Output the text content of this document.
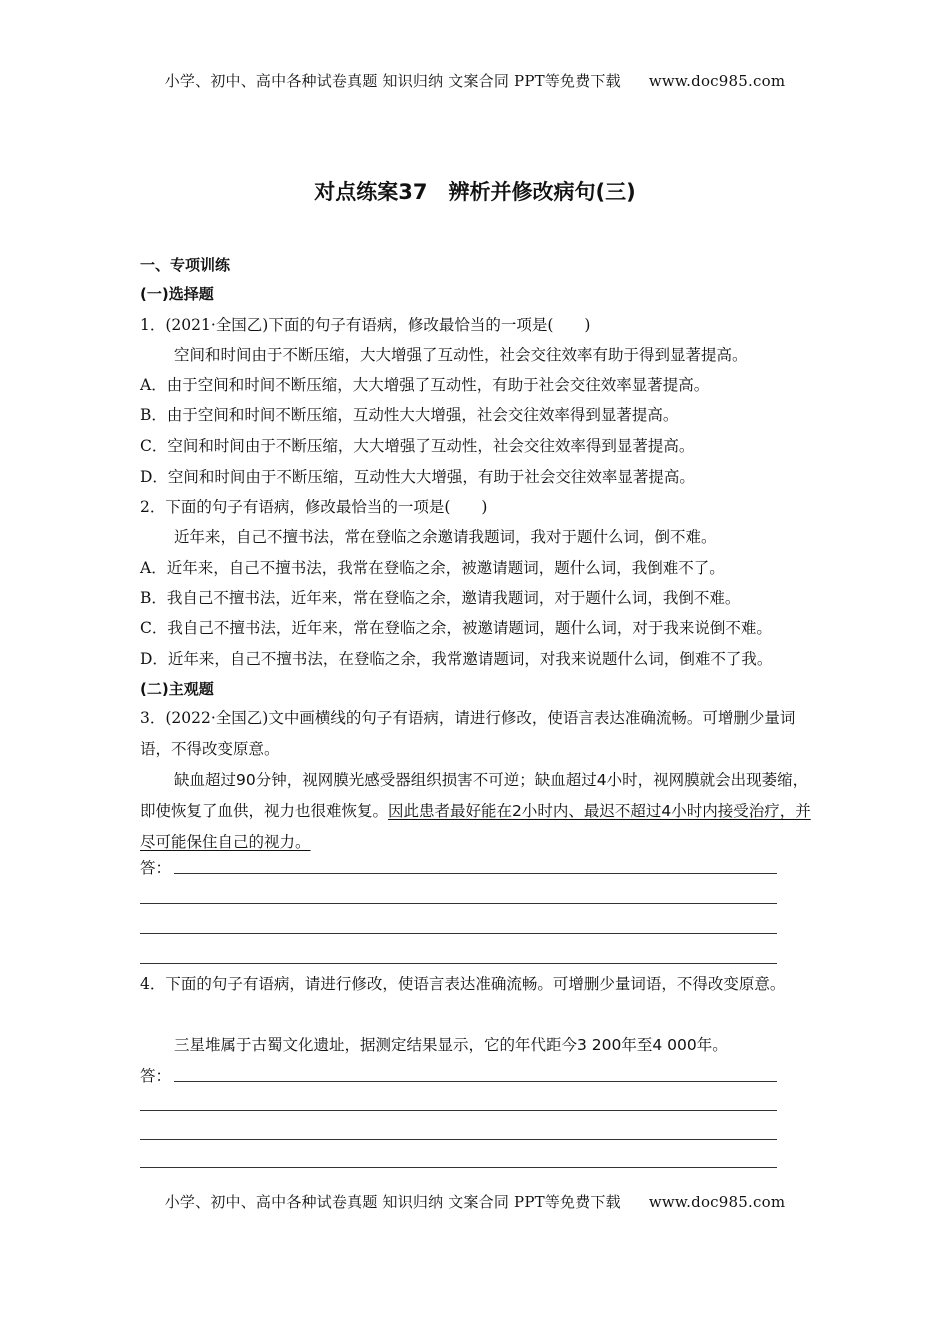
小学、初中、高中各种试卷真题 知识归纳 文案合同 PPT等免费下载 www.doc985.com
对点练案37　辨析并修改病句(三)
一、专项训练
(一)选择题
1．(2021·全国乙)下面的句子有语病，修改最恰当的一项是(　　)
空间和时间由于不断压缩，大大增强了互动性，社会交往效率有助于得到显著提高。
A．由于空间和时间不断压缩，大大增强了互动性，有助于社会交往效率显著提高。
B．由于空间和时间不断压缩，互动性大大增强，社会交往效率得到显著提高。
C．空间和时间由于不断压缩，大大增强了互动性，社会交往效率得到显著提高。
D．空间和时间由于不断压缩，互动性大大增强，有助于社会交往效率显著提高。
2．下面的句子有语病，修改最恰当的一项是(　　)
近年来，自己不擅书法，常在登临之余邀请我题词，我对于题什么词，倒不难。
A．近年来，自己不擅书法，我常在登临之余，被邀请题词，题什么词，我倒难不了。
B．我自己不擅书法，近年来，常在登临之余，邀请我题词，对于题什么词，我倒不难。
C．我自己不擅书法，近年来，常在登临之余，被邀请题词，题什么词，对于我来说倒不难。
D．近年来，自己不擅书法，在登临之余，我常邀请题词，对我来说题什么词，倒难不了我。
(二)主观题
3．(2022·全国乙)文中画横线的句子有语病，请进行修改，使语言表达准确流畅。可增删少量词语，不得改变原意。
缺血超过90分钟，视网膜光感受器组织损害不可逆；缺血超过4小时，视网膜就会出现萎缩，即使恢复了血供，视力也很难恢复。因此患者最好能在2小时内、最迟不超过4小时内接受治疗，并尽可能保住自己的视力。
答：
4．下面的句子有语病，请进行修改，使语言表达准确流畅。可增删少量词语，不得改变原意。
三星堆属于古蜀文化遗址，据测定结果显示，它的年代距今3 200年至4 000年。
答：
小学、初中、高中各种试卷真题 知识归纳 文案合同 PPT等免费下载 www.doc985.com
